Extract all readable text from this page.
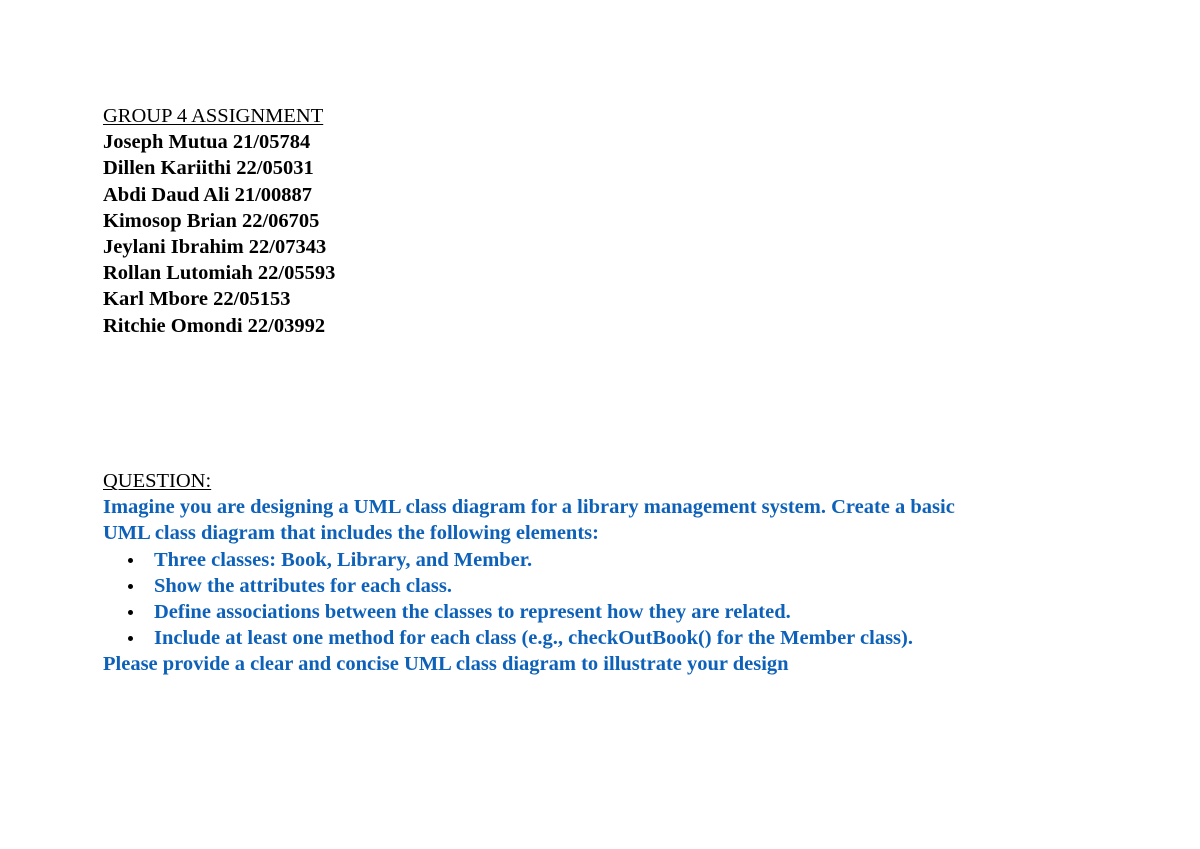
GROUP 4 ASSIGNMENT
Joseph Mutua 21/05784
Dillen Kariithi 22/05031
Abdi Daud Ali 21/00887
Kimosop Brian 22/06705
Jeylani Ibrahim 22/07343
Rollan Lutomiah 22/05593
Karl Mbore 22/05153
Ritchie Omondi 22/03992
QUESTION:
Imagine you are designing a UML class diagram for a library management system. Create a basic
UML class diagram that includes the following elements:
Three classes: Book, Library, and Member.
Show the attributes for each class.
Define associations between the classes to represent how they are related.
Include at least one method for each class (e.g., checkOutBook() for the Member class).
Please provide a clear and concise UML class diagram to illustrate your design
